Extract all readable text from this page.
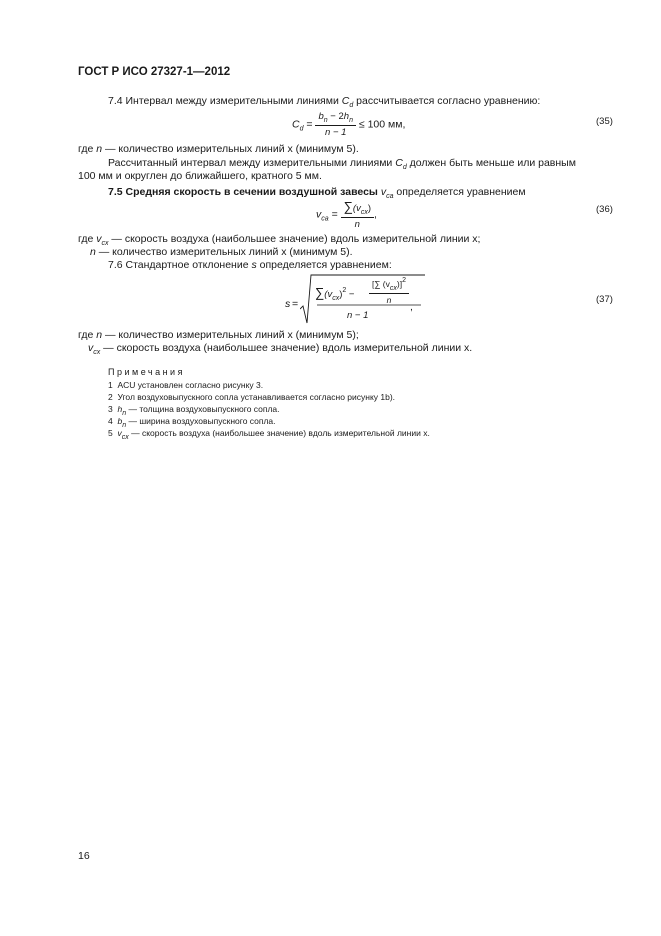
ГОСТ Р ИСО 27327-1—2012
7.4 Интервал между измерительными линиями $C_d$ рассчитывается согласно уравнению:
$C_d = \frac{b_n - 2h_n}{n - 1} \le 100$ мм,	(35)
где n — количество измерительных линий x (минимум 5).
Рассчитанный интервал между измерительными линиями $C_d$ должен быть меньше или равным
100 мм и округлен до ближайшего, кратного 5 мм.
7.5 Средняя скорость в сечении воздушной завесы $v_{ca}$ определяется уравнением
$v_{ca} = \frac{\sum(v_{cx})}{n}$ ,	(36)
где $v_{cx}$ — скорость воздуха (наибольшее значение) вдоль измерительной линии x;
n — количество измерительных линий x (минимум 5).
7.6 Стандартное отклонение s определяется уравнением:
s =
$\sum(v_{cx})^2$ −
[∑ $(v_{cx})]^2$
n
n − 1
,
(37)
где n — количество измерительных линий x (минимум 5);
$v_{cx}$ — скорость воздуха (наибольшее значение) вдоль измерительной линии x.
Примечания
1 ACU установлен согласно рисунку 3.
2 Угол воздуховыпускного сопла устанавливается согласно рисунку 1b).
3 $h_n$ — толщина воздуховыпускного сопла.
4 $b_n$ — ширина воздуховыпускного сопла.
5 $v_{cx}$ — скорость воздуха (наибольшее значение) вдоль измерительной линии x.
16
